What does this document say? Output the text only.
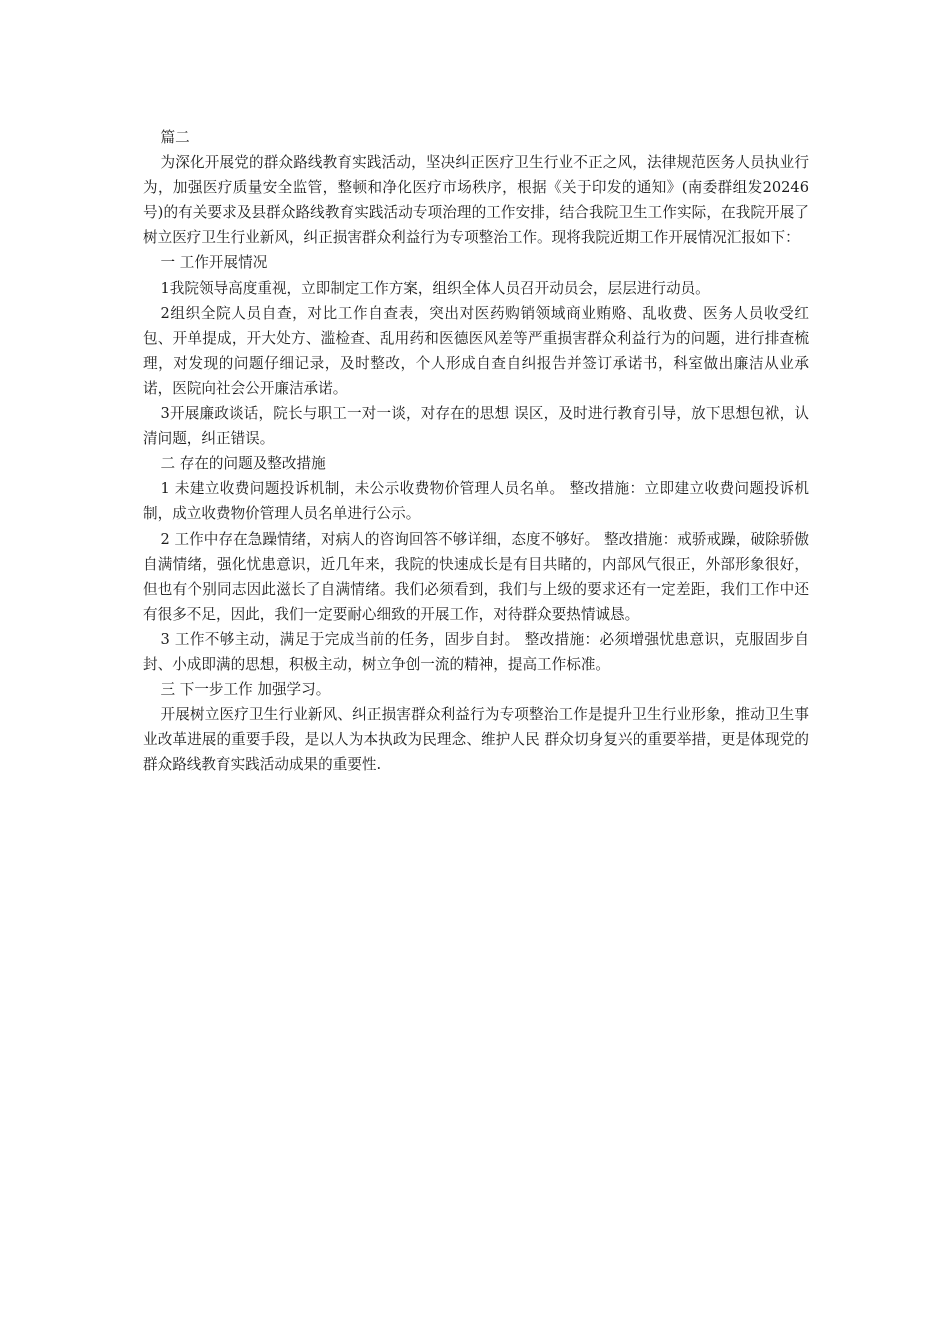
篇二

为深化开展党的群众路线教育实践活动，坚决纠正医疗卫生行业不正之风，法律规范医务人员执业行为，加强医疗质量安全监管，整顿和净化医疗市场秩序，根据《关于印发的通知》(南委群组发20246号)的有关要求及县群众路线教育实践活动专项治理的工作安排，结合我院卫生工作实际，在我院开展了树立医疗卫生行业新风，纠正损害群众利益行为专项整治工作。现将我院近期工作开展情况汇报如下：

一 工作开展情况

1我院领导高度重视，立即制定工作方案，组织全体人员召开动员会，层层进行动员。

2组织全院人员自查，对比工作自查表，突出对医药购销领域商业贿赂、乱收费、医务人员收受红包、开单提成，开大处方、滥检查、乱用药和医德医风差等严重损害群众利益行为的问题，进行排查梳理，对发现的问题仔细记录，及时整改，个人形成自查自纠报告并签订承诺书，科室做出廉洁从业承诺，医院向社会公开廉洁承诺。

3开展廉政谈话，院长与职工一对一谈，对存在的思想 误区，及时进行教育引导，放下思想包袱，认清问题，纠正错误。

二 存在的问题及整改措施

1 未建立收费问题投诉机制，未公示收费物价管理人员名单。 整改措施：立即建立收费问题投诉机制，成立收费物价管理人员名单进行公示。

2 工作中存在急躁情绪，对病人的咨询回答不够详细，态度不够好。 整改措施：戒骄戒躁，破除骄傲自满情绪，强化忧患意识，近几年来，我院的快速成长是有目共睹的，内部风气很正，外部形象很好，但也有个别同志因此滋长了自满情绪。我们必须看到，我们与上级的要求还有一定差距，我们工作中还有很多不足，因此，我们一定要耐心细致的开展工作，对待群众要热情诚恳。

3 工作不够主动，满足于完成当前的任务，固步自封。 整改措施：必须增强忧患意识，克服固步自封、小成即满的思想，积极主动，树立争创一流的精神，提高工作标准。

三 下一步工作 加强学习。

开展树立医疗卫生行业新风、纠正损害群众利益行为专项整治工作是提升卫生行业形象，推动卫生事业改革进展的重要手段，是以人为本执政为民理念、维护人民 群众切身复兴的重要举措，更是体现党的群众路线教育实践活动成果的重要性.
